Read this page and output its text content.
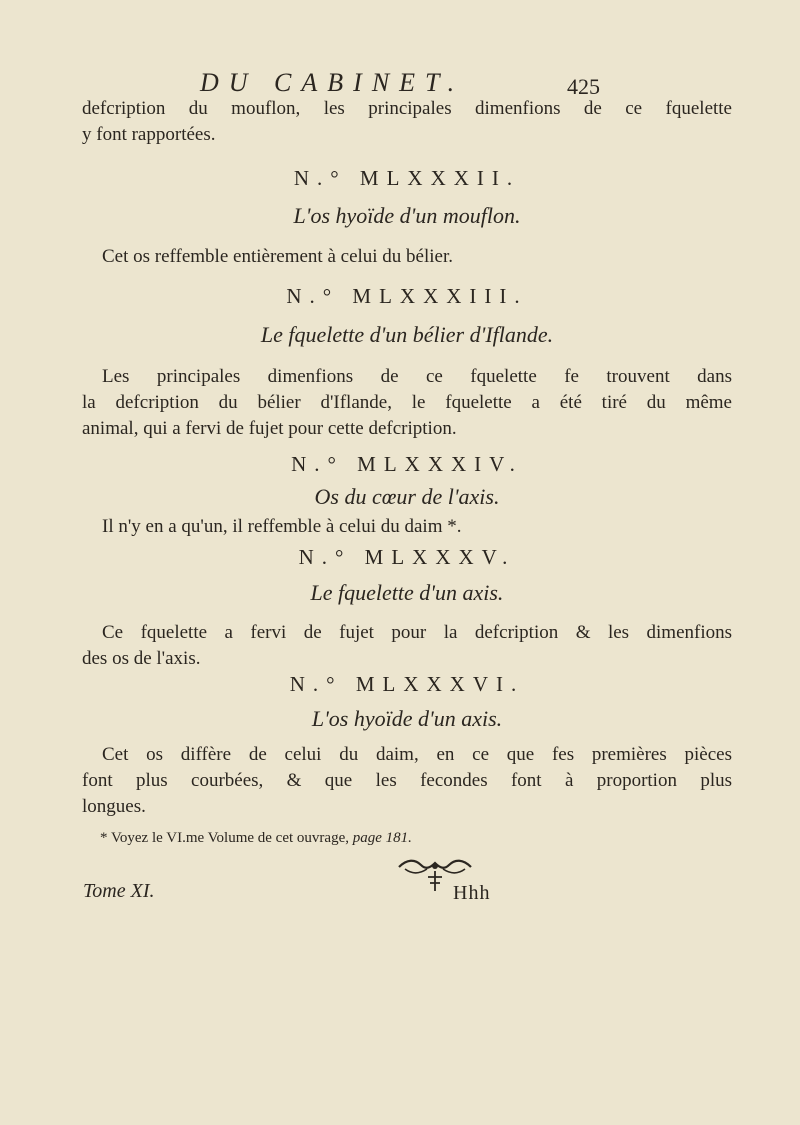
DU CABINET.	425
defcription du mouflon, les principales dimenfions de ce fquelette
y font rapportées.
N.° MLXXXII.
L'os hyoïde d'un mouflon.
Cet os reffemble entièrement à celui du bélier.
N.° MLXXXIII.
Le fquelette d'un bélier d'Iflande.
Les principales dimenfions de ce fquelette fe trouvent dans
la defcription du bélier d'Iflande, le fquelette a été tiré du même
animal, qui a fervi de fujet pour cette defcription.
N.° MLXXXIV.
Os du cœur de l'axis.
Il n'y en a qu'un, il reffemble à celui du daim *.
N.° MLXXXV.
Le fquelette d'un axis.
Ce fquelette a fervi de fujet pour la defcription & les dimenfions
des os de l'axis.
N.° MLXXXVI.
L'os hyoïde d'un axis.
Cet os diffère de celui du daim, en ce que fes premières pièces
font plus courbées, & que les fecondes font à proportion plus
longues.
* Voyez le VI.me Volume de cet ouvrage, page 181.
Tome XI.	Hhh
